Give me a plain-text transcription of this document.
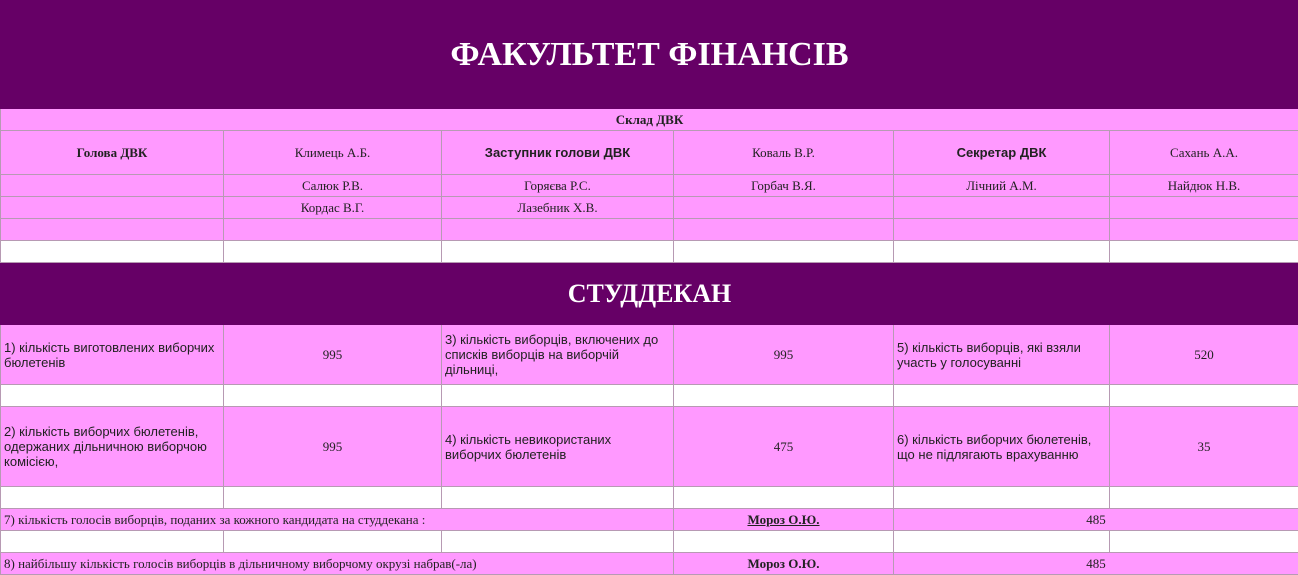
ФАКУЛЬТЕТ ФІНАНСІВ					
Склад ДВК					
Голова ДВК	Климець А.Б.	Заступник голови ДВК	Коваль В.Р.	Секретар ДВК	Сахань А.А.
	Салюк Р.В.	Горяєва Р.С.	Горбач В.Я.	Лічний А.М.	Найдюк Н.В.
	Кордас В.Г.	Лазебник Х.В.			

СТУДДЕКАН					
1) кількість виготовлених виборчих бюлетенів	995	3) кількість виборців, включених до списків виборців на виборчій дільниці,	995	5) кількість виборців, які взяли участь у голосуванні	520

2) кількість виборчих бюлетенів, одержаних дільничною виборчою комісією,	995	4) кількість невикористаних виборчих бюлетенів	475	6) кількість виборчих бюлетенів, що не підлягають врахуванню	35

7) кількість голосів виборців, поданих за кожного кандидата на студдекана :			Мороз О.Ю.	485	

8) найбільшу кількість голосів виборців в дільничному виборчому окрузі набрав(-ла)			Мороз О.Ю.	485	
